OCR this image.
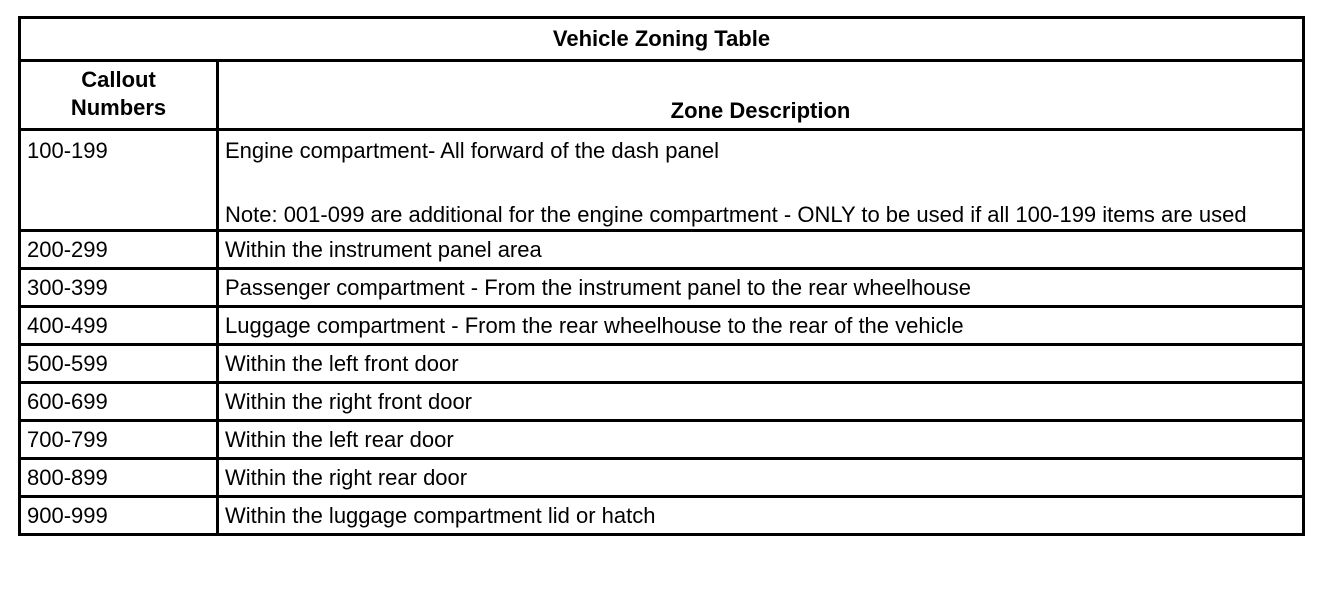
Vehicle Zoning Table	

Callout
Numbers	Zone Description
100-199	Engine compartment- All forward of the dash panel
Note: 001-099 are additional for the engine compartment - ONLY to be used if all 100-199 items are used

200-299	Within the instrument panel area
300-399	Passenger compartment - From the instrument panel to the rear wheelhouse
400-499	Luggage compartment - From the rear wheelhouse to the rear of the vehicle
500-599	Within the left front door
600-699	Within the right front door
700-799	Within the left rear door
800-899	Within the right rear door
900-999	Within the luggage compartment lid or hatch
